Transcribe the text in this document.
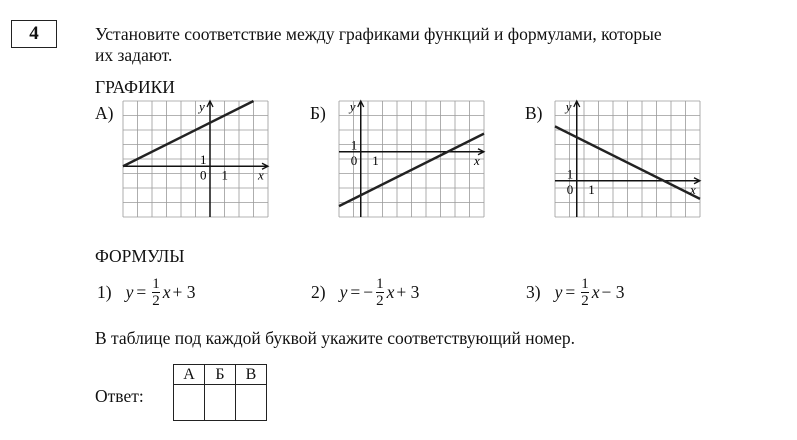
4	Установите соответствие между графиками функций и формулами, которые
их задают.
ГРАФИКИ
А)	Б)	В)
y
x
1
0 1
y
x
1
0 1
y
x
1
0 1
ФОРМУЛЫ
1) $y = \frac{1}{2}$ x + 3	2) y = − $\frac{1}{2}$ x + 3	3) $y = \frac{1}{2}$ x − 3
В таблице под каждой буквой укажите соответствующий номер.
Ответ:
А	Б	В
